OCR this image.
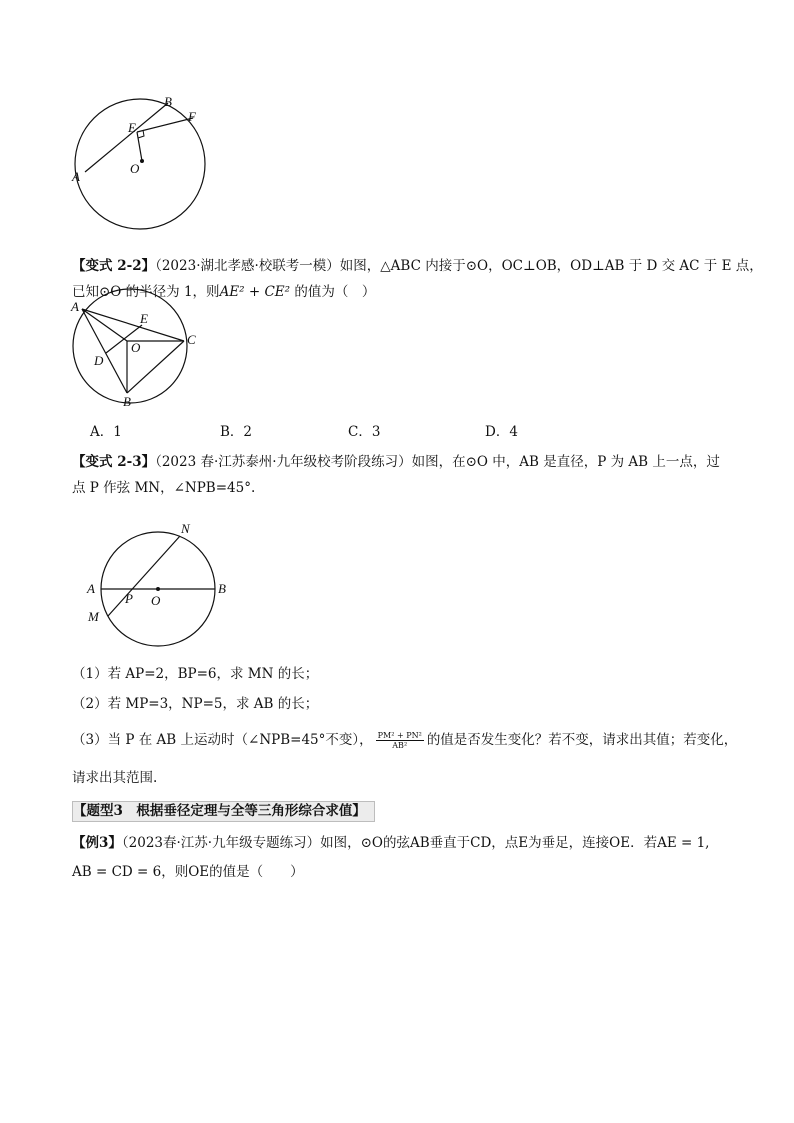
B
F
E
A
O
【变式 2-2】（2023·湖北孝感·校联考一模）如图，△ABC 内接于⊙O，OC⊥OB，OD⊥AB 于 D 交 AC 于 E 点，
已知⊙O 的半径为 1，则AE² + CE² 的值为（　）
A
E
C
O
D
B
A．1	B．2	C．3	D．4
【变式 2-3】（2023 春·江苏泰州·九年级校考阶段练习）如图，在⊙O 中，AB 是直径，P 为 AB 上一点，过
点 P 作弦 MN，∠NPB=45°.
N
A
P O
B
M
（1）若 AP=2，BP=6，求 MN 的长；
（2）若 MP=3，NP=5，求 AB 的长；
（3）当 P 在 AB 上运动时（∠NPB=45°不变）， $\frac{\text{PM² + PN²}}{\text{AB²}}$ 的值是否发生变化？若不变，请求出其值；若变化，
请求出其范围.
【题型3　根据垂径定理与全等三角形综合求值】
【例3】（2023春·江苏·九年级专题练习）如图，⊙O的弦AB垂直于CD，点E为垂足，连接OE．若AE = 1,
AB = CD = 6，则OE的值是（　　）
